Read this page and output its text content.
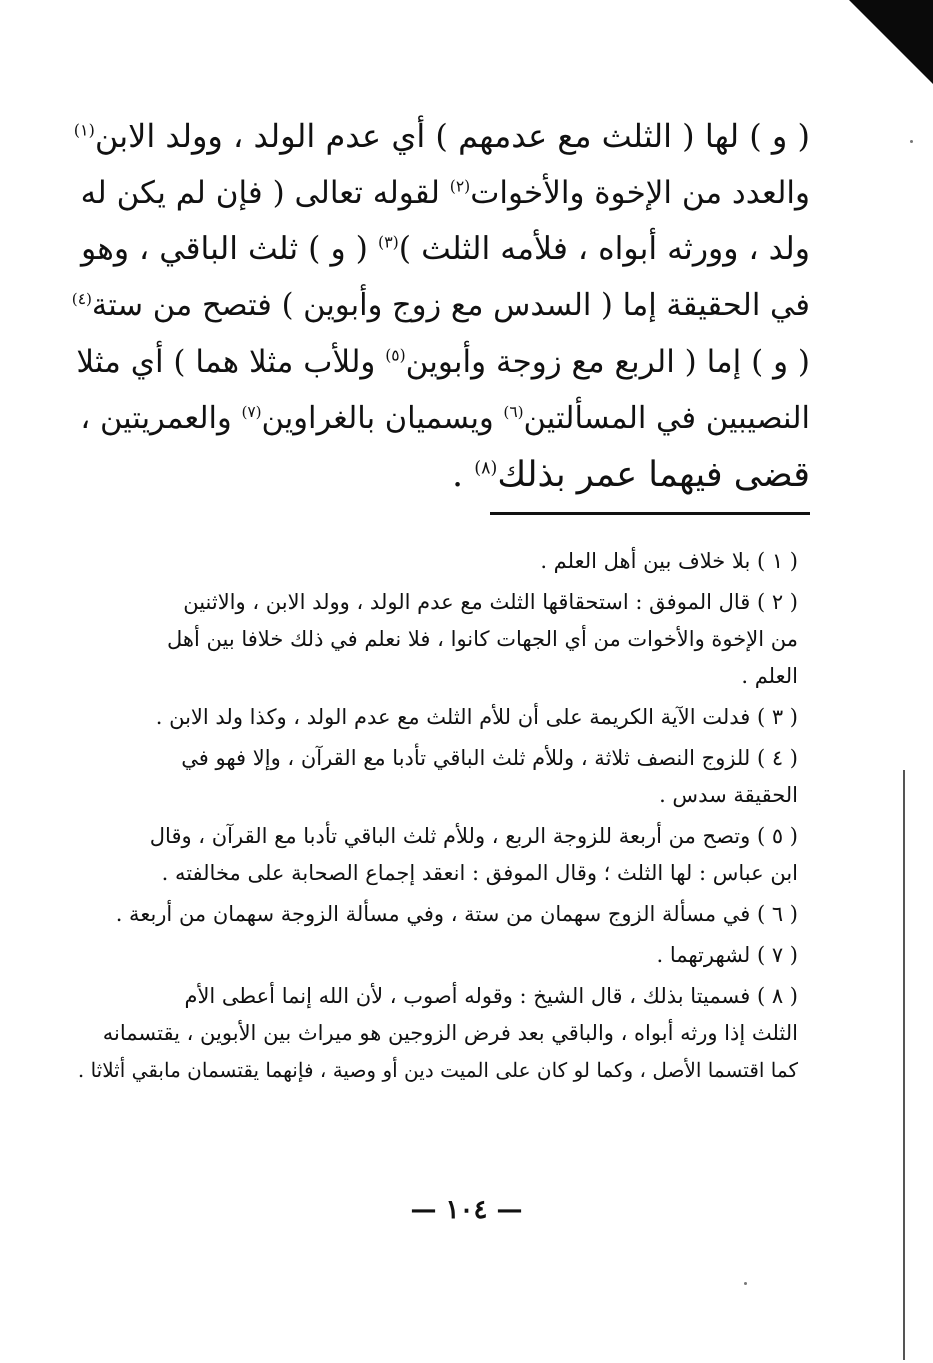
( و ) لها ( الثلث مع عدمهم ) أي عدم الولد ، وولد الابن$^{(١)}$
والعدد من الإخوة والأخوات$^{(٢)}$ لقوله تعالى ( فإن لم يكن له
ولد ، وورثه أبواه ، فلأمه الثلث )$^{(٣)}$ ( و ) ثلث الباقي ، وهو
في الحقيقة إما ( السدس مع زوج وأبوين ) فتصح من ستة$^{(٤)}$
( و ) إما ( الربع مع زوجة وأبوين$^{(٥)}$ وللأب مثلا هما ) أي مثلا
النصيبين في المسألتين$^{(٦)}$ ويسميان بالغراوين$^{(٧)}$ والعمريتين ،
قضى فيهما عمر بذلك$^{(٨)}$ .
( ١ ) بلا خلاف بين أهل العلم .
( ٢ ) قال الموفق : استحقاقها الثلث مع عدم الولد ، وولد الابن ، والاثنين
من الإخوة والأخوات من أي الجهات كانوا ، فلا نعلم في ذلك خلافا بين أهل
العلم .
( ٣ ) فدلت الآية الكريمة على أن للأم الثلث مع عدم الولد ، وكذا ولد الابن .
( ٤ ) للزوج النصف ثلاثة ، وللأم ثلث الباقي تأدبا مع القرآن ، وإلا فهو في
الحقيقة سدس .
( ٥ ) وتصح من أربعة للزوجة الربع ، وللأم ثلث الباقي تأدبا مع القرآن ، وقال
ابن عباس : لها الثلث ؛ وقال الموفق : انعقد إجماع الصحابة على مخالفته .
( ٦ ) في مسألة الزوج سهمان من ستة ، وفي مسألة الزوجة سهمان من أربعة .
( ٧ ) لشهرتهما .
( ٨ ) فسميتا بذلك ، قال الشيخ : وقوله أصوب ، لأن الله إنما أعطى الأم
الثلث إذا ورثه أبواه ، والباقي بعد فرض الزوجين هو ميراث بين الأبوين ، يقتسمانه
كما اقتسما الأصل ، وكما لو كان على الميت دين أو وصية ، فإنهما يقتسمان مابقي أثلاثا .
— ١٠٤ —
